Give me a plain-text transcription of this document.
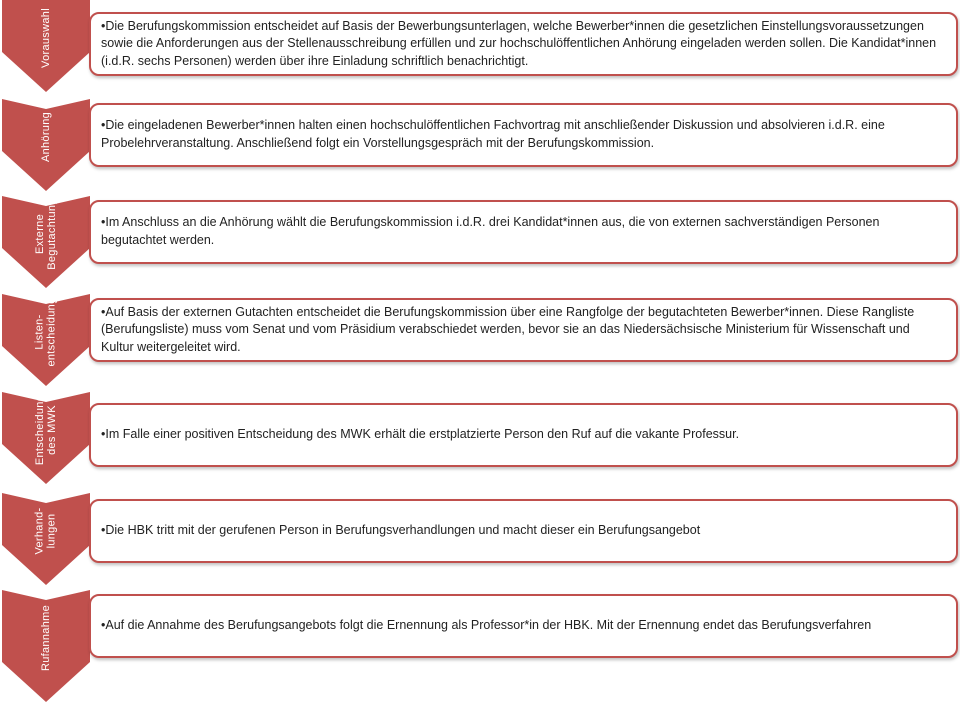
Vorauswahl	•Die Berufungskommission entscheidet auf Basis der Bewerbungsunterlagen, welche Bewerber*innen die gesetzlichen Einstellungsvoraussetzungen sowie die Anforderungen aus der Stellenausschreibung erfüllen und zur hochschulöffentlichen Anhörung eingeladen werden sollen. Die Kandidat*innen (i.d.R. sechs Personen) werden über ihre Einladung schriftlich benachrichtigt.

Anhörung	•Die eingeladenen Bewerber*innen halten einen hochschulöffentlichen Fachvortrag mit anschließender Diskussion und absolvieren i.d.R. eine Probelehrveranstaltung. Anschließend folgt ein Vorstellungsgespräch mit der Berufungskommission.

Externe
Begutachtung	•Im Anschluss an die Anhörung wählt die Berufungskommission i.d.R. drei Kandidat*innen aus, die von externen sachverständigen Personen begutachtet werden.

Listen-
entscheidung	•Auf Basis der externen Gutachten entscheidet die Berufungskommission über eine Rangfolge der begutachteten Bewerber*innen. Diese Rangliste (Berufungsliste) muss vom Senat und vom Präsidium verabschiedet werden, bevor sie an das Niedersächsische Ministerium für Wissenschaft und Kultur weitergeleitet wird.

Entscheidung
des MWK

•Im Falle einer positiven Entscheidung des MWK erhält die erstplatzierte Person den Ruf auf die vakante Professur.

Verhand-
lungen	•Die HBK tritt mit der gerufenen Person in Berufungsverhandlungen und macht dieser ein Berufungsangebot

Rufannahme	•Auf die Annahme des Berufungsangebots folgt die Ernennung als Professor*in der HBK. Mit der Ernennung endet das Berufungsverfahren
